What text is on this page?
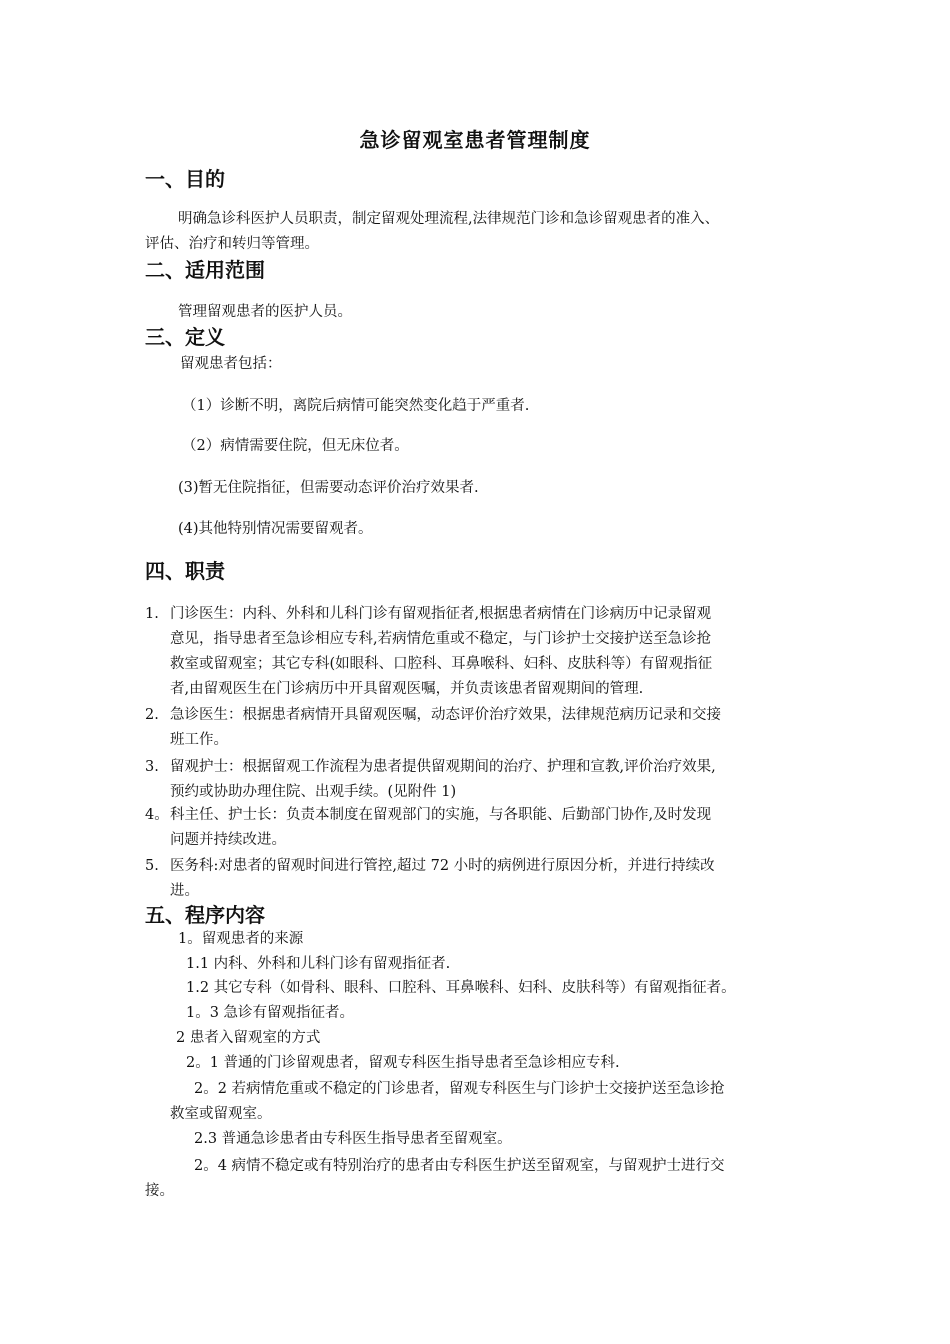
急诊留观室患者管理制度
一、目的
明确急诊科医护人员职责，制定留观处理流程,法律规范门诊和急诊留观患者的准入、
评估、治疗和转归等管理。
二、适用范围
管理留观患者的医护人员。
三、定义
留观患者包括：
（1）诊断不明，离院后病情可能突然变化趋于严重者.
（2）病情需要住院，但无床位者。
(3)暂无住院指征，但需要动态评价治疗效果者.
(4)其他特别情况需要留观者。
四、职责
1. 门诊医生：内科、外科和儿科门诊有留观指征者,根据患者病情在门诊病历中记录留观
意见，指导患者至急诊相应专科,若病情危重或不稳定，与门诊护士交接护送至急诊抢
救室或留观室；其它专科(如眼科、口腔科、耳鼻喉科、妇科、皮肤科等）有留观指征
者,由留观医生在门诊病历中开具留观医嘱，并负责该患者留观期间的管理.
2. 急诊医生：根据患者病情开具留观医嘱，动态评价治疗效果，法律规范病历记录和交接
班工作。
3. 留观护士：根据留观工作流程为患者提供留观期间的治疗、护理和宣教,评价治疗效果,
预约或协助办理住院、出观手续。(见附件 1)
4。 科主任、护士长：负责本制度在留观部门的实施，与各职能、后勤部门协作,及时发现
问题并持续改进。
5. 医务科:对患者的留观时间进行管控,超过 72 小时的病例进行原因分析，并进行持续改
进。
五、程序内容
1。留观患者的来源
1.1 内科、外科和儿科门诊有留观指征者.
1.2 其它专科（如骨科、眼科、口腔科、耳鼻喉科、妇科、皮肤科等）有留观指征者。
1。3 急诊有留观指征者。
2 患者入留观室的方式
2。1 普通的门诊留观患者，留观专科医生指导患者至急诊相应专科.
2。2 若病情危重或不稳定的门诊患者，留观专科医生与门诊护士交接护送至急诊抢
救室或留观室。
2.3 普通急诊患者由专科医生指导患者至留观室。
2。4 病情不稳定或有特别治疗的患者由专科医生护送至留观室，与留观护士进行交
接。
